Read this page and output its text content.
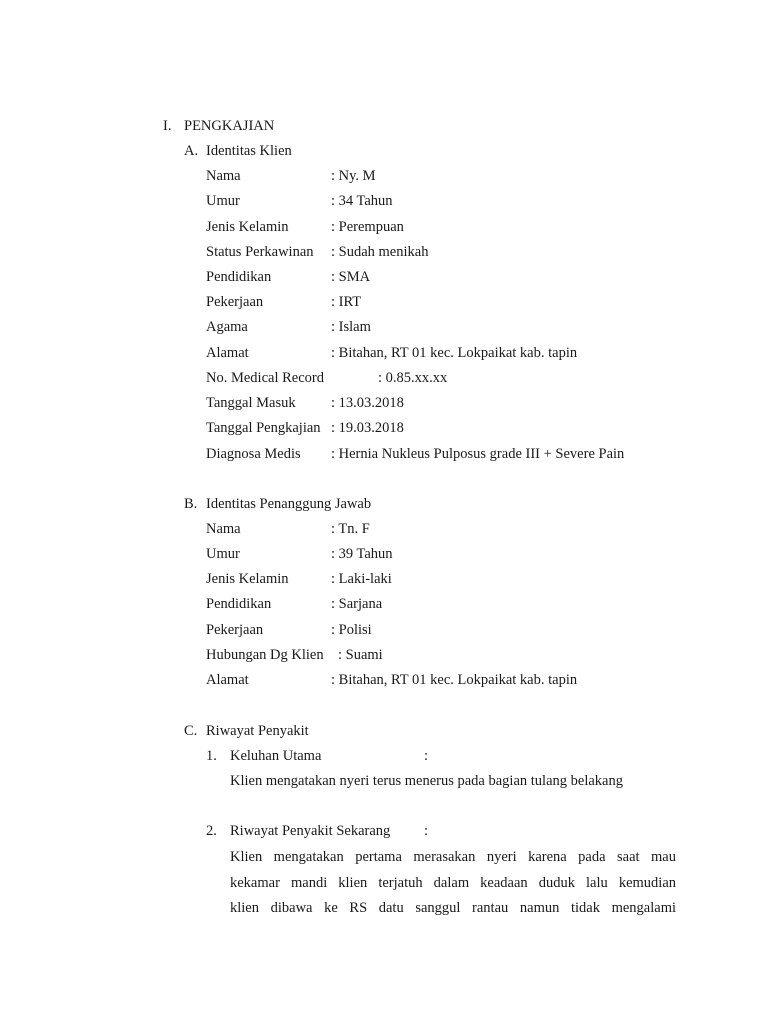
I. PENGKAJIAN
A. Identitas Klien
Nama	: Ny. M
Umur	: 34 Tahun
Jenis Kelamin	: Perempuan
Status Perkawinan : Sudah menikah
Pendidikan	: SMA
Pekerjaan	: IRT
Agama	: Islam
Alamat	: Bitahan, RT 01 kec. Lokpaikat kab. tapin
No. Medical Record	: 0.85.xx.xx
Tanggal Masuk : 13.03.2018
Tanggal Pengkajian : 19.03.2018
Diagnosa Medis : Hernia Nukleus Pulposus grade III + Severe Pain
B. Identitas Penanggung Jawab
Nama	: Tn. F
Umur	: 39 Tahun
Jenis Kelamin	: Laki-laki
Pendidikan	: Sarjana
Pekerjaan	: Polisi
Hubungan Dg Klien : Suami
Alamat	: Bitahan, RT 01 kec. Lokpaikat kab. tapin
C. Riwayat Penyakit
1. Keluhan Utama	:
Klien mengatakan nyeri terus menerus pada bagian tulang belakang
2. Riwayat Penyakit Sekarang :
Klien mengatakan pertama merasakan nyeri karena pada saat mau
kekamar mandi klien terjatuh dalam keadaan duduk lalu kemudian
klien dibawa ke RS datu sanggul rantau namun tidak mengalami
